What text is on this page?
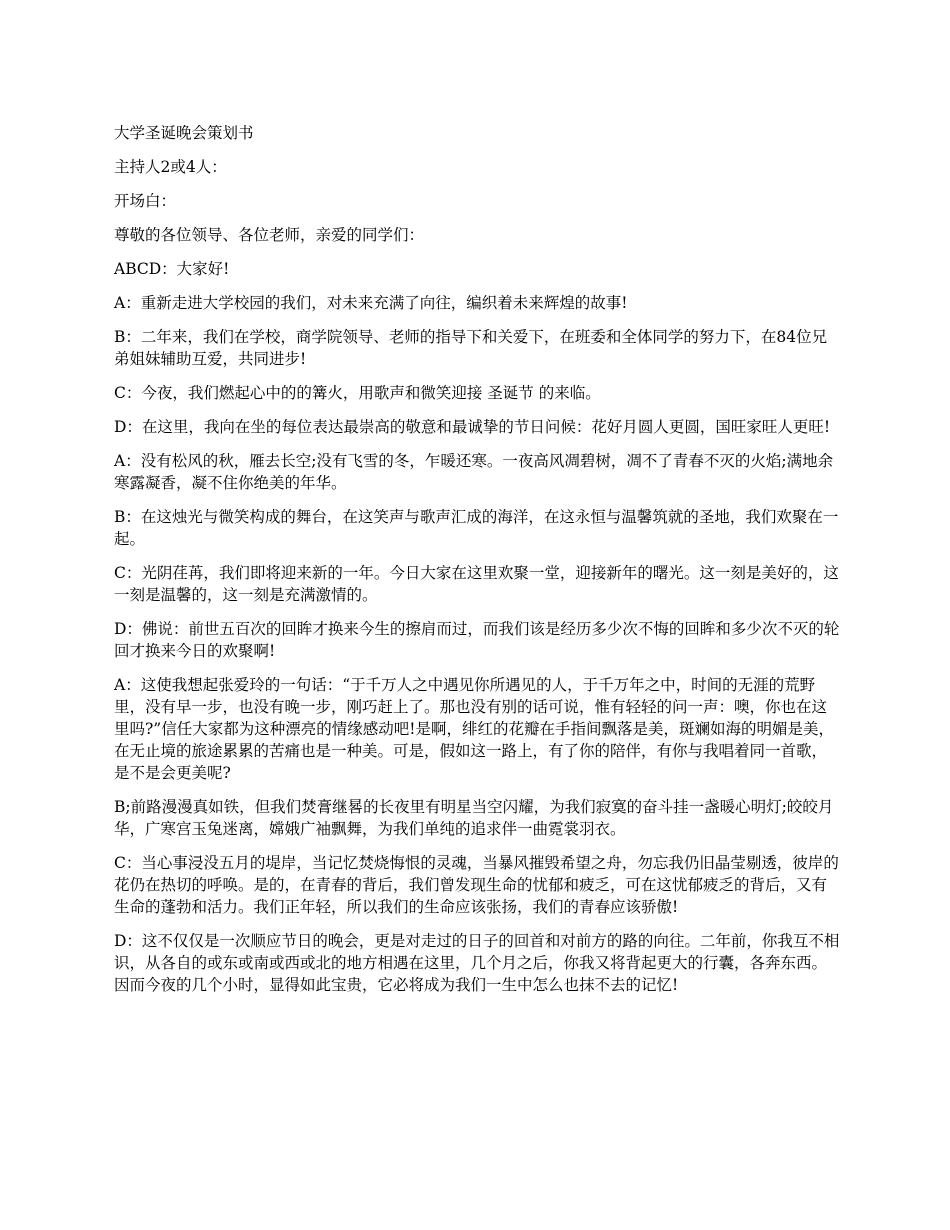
大学圣诞晚会策划书

主持人2或4人：

开场白：

尊敬的各位领导、各位老师，亲爱的同学们：

ABCD：大家好!

A：重新走进大学校园的我们，对未来充满了向往，编织着未来辉煌的故事!

B：二年来，我们在学校，商学院领导、老师的指导下和关爱下，在班委和全体同学的努力下，在84位兄弟姐妹辅助互爱，共同进步!

C：今夜，我们燃起心中的的篝火，用歌声和微笑迎接 圣诞节 的来临。

D：在这里，我向在坐的每位表达最崇高的敬意和最诚挚的节日问候：花好月圆人更圆，国旺家旺人更旺!

A：没有松风的秋，雁去长空;没有飞雪的冬，乍暖还寒。一夜高风凋碧树，凋不了青春不灭的火焰;满地余寒露凝香，凝不住你绝美的年华。

B：在这烛光与微笑构成的舞台，在这笑声与歌声汇成的海洋，在这永恒与温馨筑就的圣地，我们欢聚在一起。

C：光阴荏苒，我们即将迎来新的一年。今日大家在这里欢聚一堂，迎接新年的曙光。这一刻是美好的，这一刻是温馨的，这一刻是充满激情的。

D：佛说：前世五百次的回眸才换来今生的擦肩而过，而我们该是经历多少次不悔的回眸和多少次不灭的轮回才换来今日的欢聚啊!

A：这使我想起张爱玲的一句话：“于千万人之中遇见你所遇见的人，于千万年之中，时间的无涯的荒野里，没有早一步，也没有晚一步，刚巧赶上了。那也没有别的话可说，惟有轻轻的问一声：噢，你也在这里吗?”信任大家都为这种漂亮的情缘感动吧!是啊，绯红的花瓣在手指间飘落是美，斑斓如海的明媚是美，在无止境的旅途累累的苦痛也是一种美。可是，假如这一路上，有了你的陪伴，有你与我唱着同一首歌，是不是会更美呢?

B;前路漫漫真如铁，但我们焚膏继晷的长夜里有明星当空闪耀，为我们寂寞的奋斗挂一盏暖心明灯;皎皎月华，广寒宫玉兔迷离，嫦娥广袖飘舞，为我们单纯的追求伴一曲霓裳羽衣。

C：当心事浸没五月的堤岸，当记忆焚烧悔恨的灵魂，当暴风摧毁希望之舟，勿忘我仍旧晶莹剔透，彼岸的花仍在热切的呼唤。是的，在青春的背后，我们曾发现生命的忧郁和疲乏，可在这忧郁疲乏的背后，又有生命的蓬勃和活力。我们正年轻，所以我们的生命应该张扬，我们的青春应该骄傲!

D：这不仅仅是一次顺应节日的晚会，更是对走过的日子的回首和对前方的路的向往。二年前，你我互不相识，从各自的或东或南或西或北的地方相遇在这里，几个月之后，你我又将背起更大的行囊，各奔东西。因而今夜的几个小时，显得如此宝贵，它必将成为我们一生中怎么也抹不去的记忆!
